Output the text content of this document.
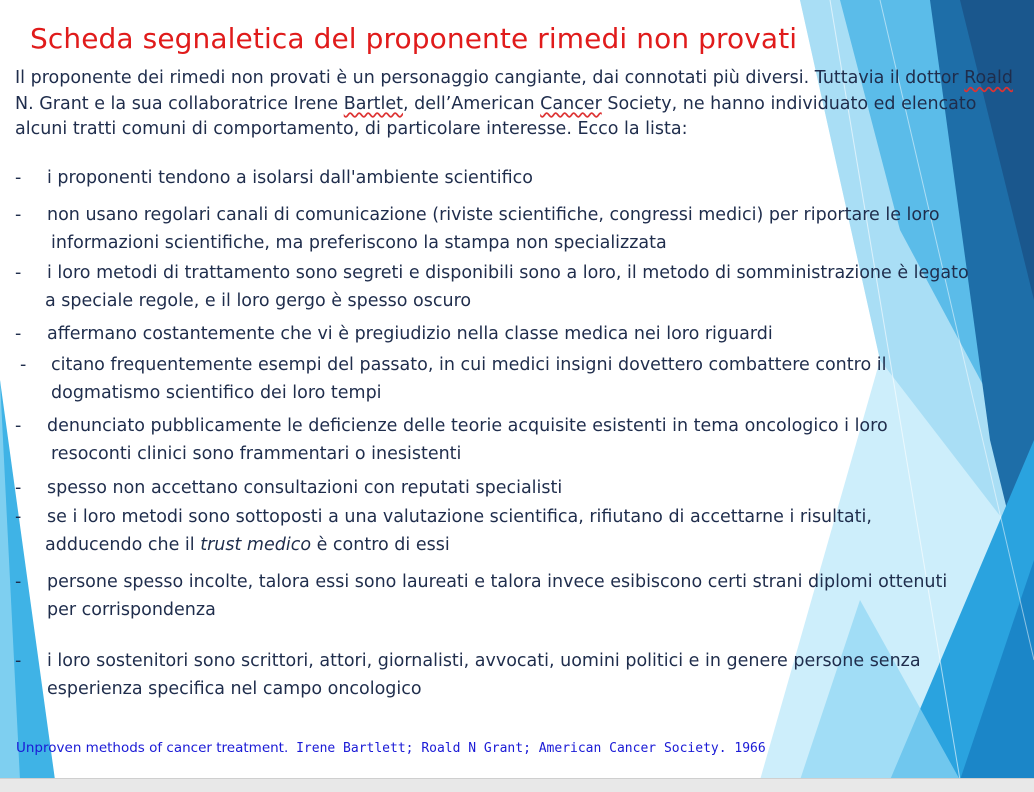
Scheda segnaletica del proponente rimedi non provati
Il proponente dei rimedi non provati è un personaggio cangiante, dai connotati più diversi. Tuttavia il dottor Roald N. Grant e la sua collaboratrice Irene Bartlet, dell’American Cancer Society, ne hanno individuato ed elencato alcuni tratti comuni di comportamento, di particolare interesse. Ecco la lista:
-	i proponenti tendono a isolarsi dall'ambiente scientifico
-	non usano regolari canali di comunicazione (riviste scientifiche, congressi medici) per riportare le loro
informazioni scientifiche, ma preferiscono la stampa non specializzata
-	i loro metodi di trattamento sono segreti e disponibili sono a loro, il metodo di somministrazione è legato
a speciale regole, e il loro gergo è spesso oscuro
-	affermano costantemente che vi è pregiudizio nella classe medica nei loro riguardi
-	citano frequentemente esempi del passato, in cui medici insigni dovettero combattere contro il
dogmatismo scientifico dei loro tempi
-	denunciato pubblicamente le deficienze delle teorie acquisite esistenti in tema oncologico i loro
resoconti clinici sono frammentari o inesistenti
-	spesso non accettano consultazioni con reputati specialisti
-	se i loro metodi sono sottoposti a una valutazione scientifica, rifiutano di accettarne i risultati,
adducendo che il trust medico è contro di essi
-	persone spesso incolte, talora essi sono laureati e talora invece esibiscono certi strani diplomi ottenuti
per corrispondenza
-	i loro sostenitori sono scrittori, attori, giornalisti, avvocati, uomini politici e in genere persone senza
esperienza specifica nel campo oncologico
Unproven methods of cancer treatment. Irene Bartlett; Roald N Grant; American Cancer Society. 1966
